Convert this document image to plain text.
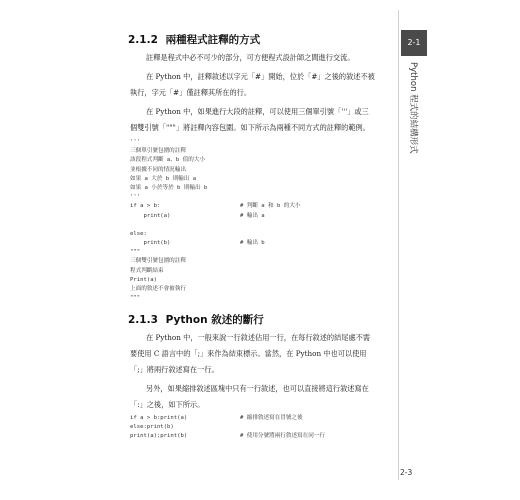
2.1.2 兩種程式註釋的方式
註釋是程式中必不可少的部分，可方便程式設計師之間進行交流。
在 Python 中，註釋敘述以字元「#」開始，位於「#」之後的敘述不被
執行，字元「#」僅註釋其所在的行。
在 Python 中，如果進行大段的註釋，可以使用三個單引號「'''」或三
個雙引號「"""」將註釋內容包圍。如下所示為兩種不同方式的註釋的範例。
'''
三個單引號包圍的註釋
該段程式判斷 a、b 值的大小
並根據不同的情況輸出
如果 a 大於 b 則輸出 a
如果 a 小於等於 b 則輸出 b
'''
if a > b:	# 判斷 a 和 b 的大小
print(a)	# 輸出 a
else:
print(b)	# 輸出 b
"""
三個雙引號包圍的註釋
程式判斷結束
Print(a)
上面的敘述不會被執行
"""
2.1.3 Python 敘述的斷行
在 Python 中，一般來說一行敘述佔用一行，在每行敘述的結尾處不需
要使用 C 語言中的「;」來作為結束標示。當然，在 Python 中也可以使用
「;」將兩行敘述寫在一行。
另外，如果縮排敘述區塊中只有一行敘述，也可以直接將這行敘述寫在
「:」之後，如下所示。
if a > b:print(a)	# 縮排敘述寫在冒號之後
else:print(b)
print(a);print(b)	# 使用分號將兩行敘述寫在同一行
2-1
Python 程式的結構形式
2-3
